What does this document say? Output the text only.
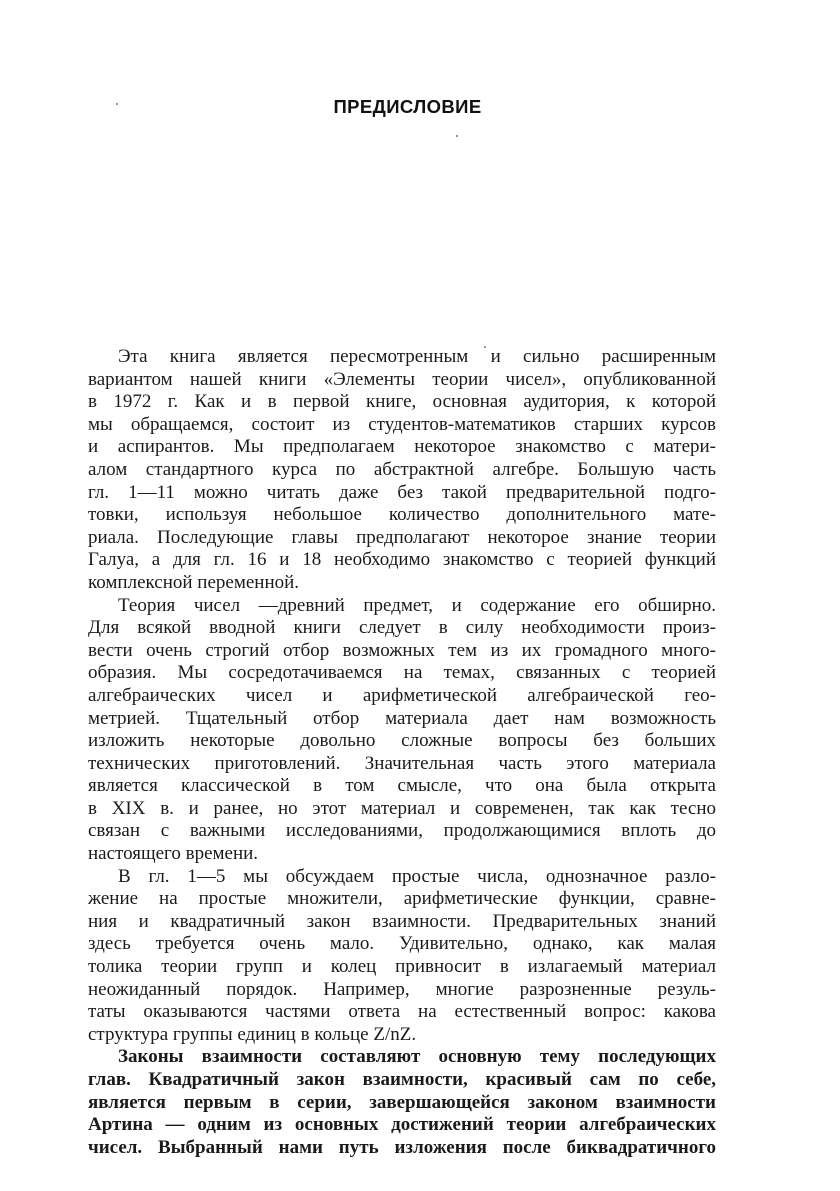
ПРЕДИСЛОВИЕ
Эта книга является пересмотренным и сильно расширенным
вариантом нашей книги «Элементы теории чисел», опубликованной
в 1972 г. Как и в первой книге, основная аудитория, к которой
мы обращаемся, состоит из студентов-математиков старших курсов
и аспирантов. Мы предполагаем некоторое знакомство с матери-
алом стандартного курса по абстрактной алгебре. Большую часть
гл. 1—11 можно читать даже без такой предварительной подго-
товки, используя небольшое количество дополнительного мате-
риала. Последующие главы предполагают некоторое знание теории
Галуа, а для гл. 16 и 18 необходимо знакомство с теорией функций
комплексной переменной.
Теория чисел —древний предмет, и содержание его обширно.
Для всякой вводной книги следует в силу необходимости произ-
вести очень строгий отбор возможных тем из их громадного много-
образия. Мы сосредотачиваемся на темах, связанных с теорией
алгебраических чисел и арифметической алгебраической гео-
метрией. Тщательный отбор материала дает нам возможность
изложить некоторые довольно сложные вопросы без больших
технических приготовлений. Значительная часть этого материала
является классической в том смысле, что она была открыта
в XIX в. и ранее, но этот материал и современен, так как тесно
связан с важными исследованиями, продолжающимися вплоть до
настоящего времени.
В гл. 1—5 мы обсуждаем простые числа, однозначное разло-
жение на простые множители, арифметические функции, сравне-
ния и квадратичный закон взаимности. Предварительных знаний
здесь требуется очень мало. Удивительно, однако, как малая
толика теории групп и колец привносит в излагаемый материал
неожиданный порядок. Например, многие разрозненные резуль-
таты оказываются частями ответа на естественный вопрос: какова
структура группы единиц в кольце Z/nZ.
Законы взаимности составляют основную тему последующих
глав. Квадратичный закон взаимности, красивый сам по себе,
является первым в серии, завершающейся законом взаимности
Артина — одним из основных достижений теории алгебраических
чисел. Выбранный нами путь изложения после биквадратичного
